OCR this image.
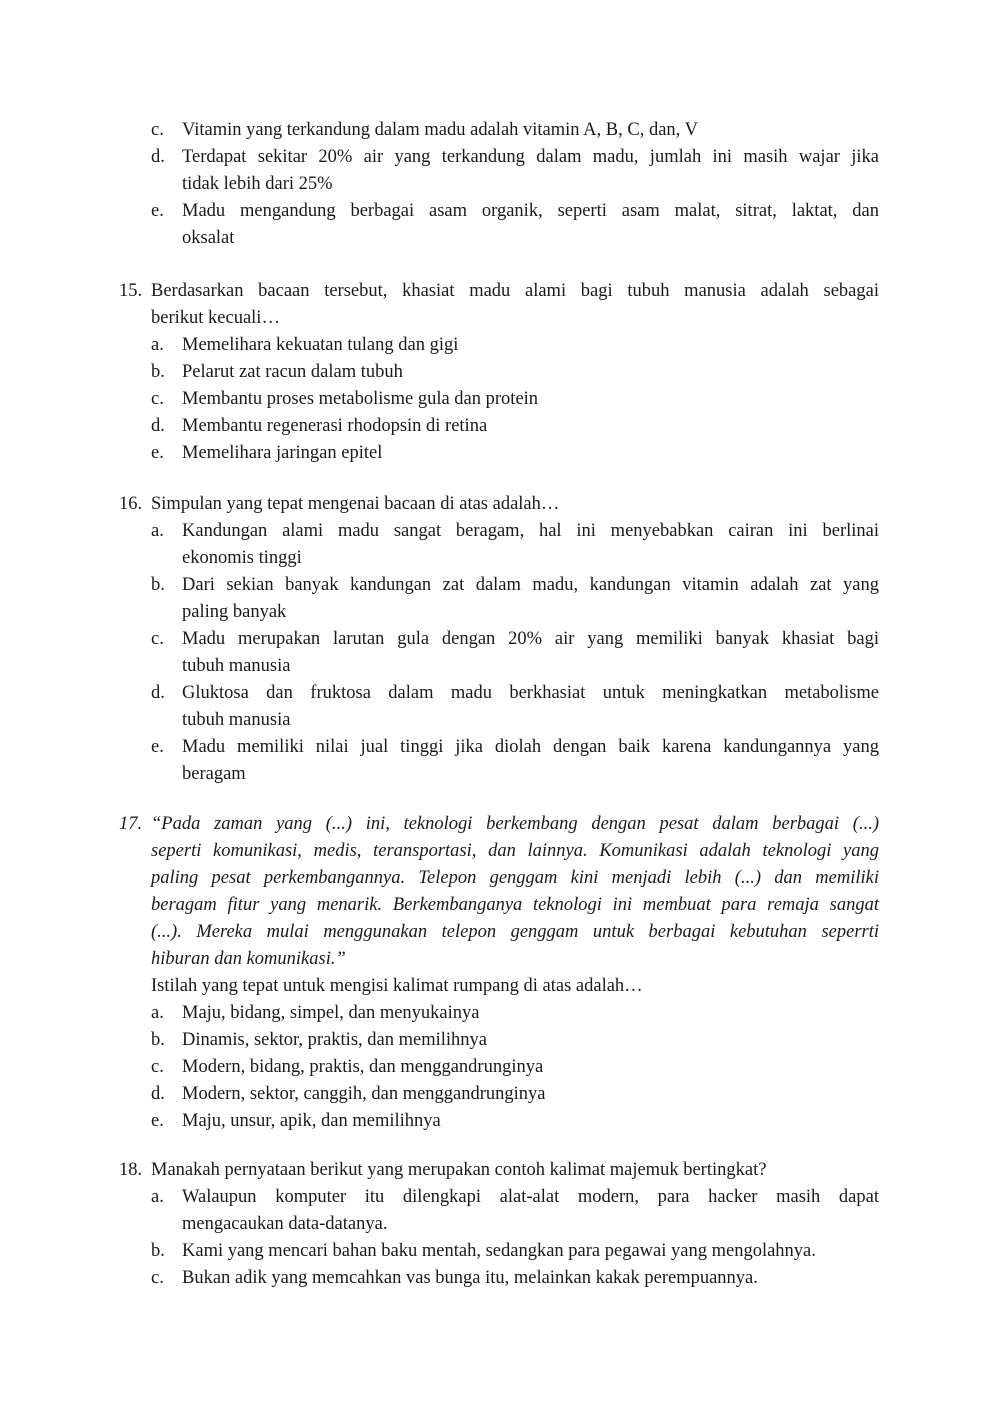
c. Vitamin yang terkandung dalam madu adalah vitamin A, B, C, dan, V
d. Terdapat sekitar 20% air yang terkandung dalam madu, jumlah ini masih wajar jika
tidak lebih dari 25%
e. Madu mengandung berbagai asam organik, seperti asam malat, sitrat, laktat, dan
oksalat
15. Berdasarkan bacaan tersebut, khasiat madu alami bagi tubuh manusia adalah sebagai
berikut kecuali…
a. Memelihara kekuatan tulang dan gigi
b. Pelarut zat racun dalam tubuh
c. Membantu proses metabolisme gula dan protein
d. Membantu regenerasi rhodopsin di retina
e. Memelihara jaringan epitel
16. Simpulan yang tepat mengenai bacaan di atas adalah…
a. Kandungan alami madu sangat beragam, hal ini menyebabkan cairan ini berlinai
ekonomis tinggi
b. Dari sekian banyak kandungan zat dalam madu, kandungan vitamin adalah zat yang
paling banyak
c. Madu merupakan larutan gula dengan 20% air yang memiliki banyak khasiat bagi
tubuh manusia
d. Gluktosa dan fruktosa dalam madu berkhasiat untuk meningkatkan metabolisme
tubuh manusia
e. Madu memiliki nilai jual tinggi jika diolah dengan baik karena kandungannya yang
beragam
17. “Pada zaman yang (...) ini, teknologi berkembang dengan pesat dalam berbagai (...)
seperti komunikasi, medis, teransportasi, dan lainnya. Komunikasi adalah teknologi yang
paling pesat perkembangannya. Telepon genggam kini menjadi lebih (...) dan memiliki
beragam fitur yang menarik. Berkembanganya teknologi ini membuat para remaja sangat
(...). Mereka mulai menggunakan telepon genggam untuk berbagai kebutuhan seperrti
hiburan dan komunikasi.”
Istilah yang tepat untuk mengisi kalimat rumpang di atas adalah…
a. Maju, bidang, simpel, dan menyukainya
b. Dinamis, sektor, praktis, dan memilihnya
c. Modern, bidang, praktis, dan menggandrunginya
d. Modern, sektor, canggih, dan menggandrunginya
e. Maju, unsur, apik, dan memilihnya
18. Manakah pernyataan berikut yang merupakan contoh kalimat majemuk bertingkat?
a. Walaupun komputer itu dilengkapi alat-alat modern, para hacker masih dapat
mengacaukan data-datanya.
b. Kami yang mencari bahan baku mentah, sedangkan para pegawai yang mengolahnya.
c. Bukan adik yang memcahkan vas bunga itu, melainkan kakak perempuannya.
